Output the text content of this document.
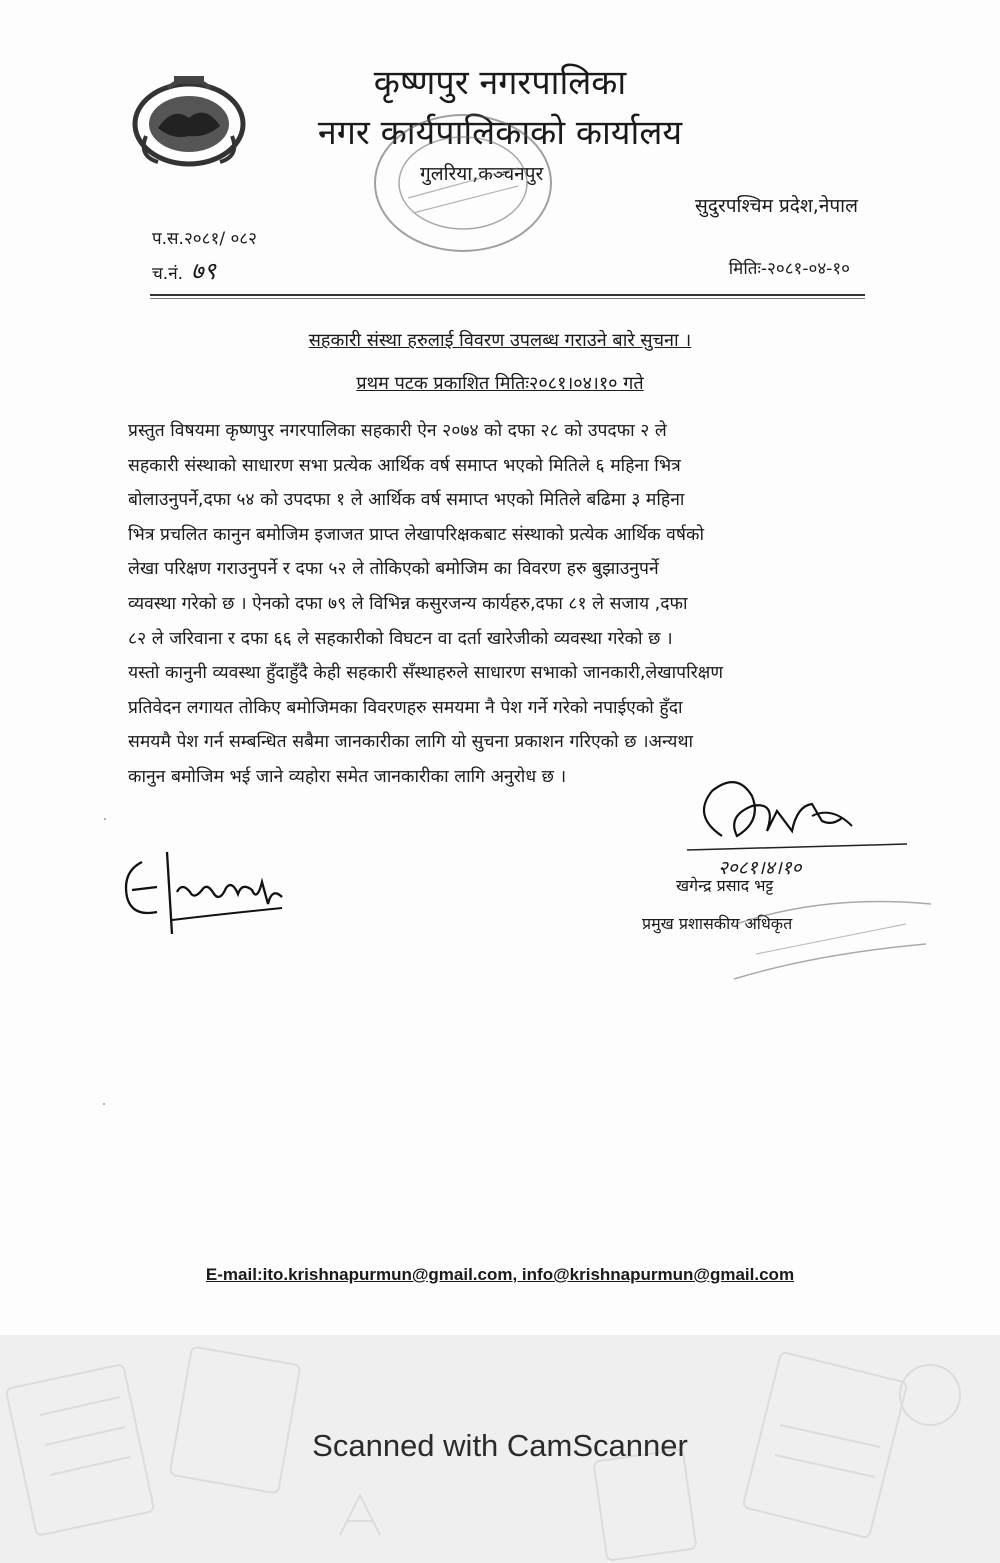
कृष्णपुर नगरपालिका
नगर कार्यपालिकाको कार्यालय
गुलरिया,कञ्चनपुर
सुदुरपश्चिम प्रदेश,नेपाल
प.स.२०८१/ ०८२
च.नं. ७९	मितिः-२०८१-०४-१०
सहकारी संस्था हरुलाई विवरण उपलब्ध गराउने बारे सुचना ।
प्रथम पटक प्रकाशित मितिः२०८१।०४।१० गते
प्रस्तुत विषयमा कृष्णपुर नगरपालिका सहकारी ऐन २०७४ को दफा २८ को उपदफा २ ले
सहकारी संस्थाको साधारण सभा प्रत्येक आर्थिक वर्ष समाप्त भएको मितिले ६ महिना भित्र
बोलाउनुपर्ने,दफा ५४ को उपदफा १ ले आर्थिक वर्ष समाप्त भएको मितिले बढिमा ३ महिना
भित्र प्रचलित कानुन बमोजिम इजाजत प्राप्त लेखापरिक्षकबाट संस्थाको प्रत्येक आर्थिक वर्षको
लेखा परिक्षण गराउनुपर्ने र दफा ५२ ले तोकिएको बमोजिम का विवरण हरु बुझाउनुपर्ने
व्यवस्था गरेको छ । ऐनको दफा ७९ ले विभिन्न कसुरजन्य कार्यहरु,दफा ८१ ले सजाय ,दफा
८२ ले जरिवाना र दफा ६६ ले सहकारीको विघटन वा दर्ता खारेजीको व्यवस्था गरेको छ ।
यस्तो कानुनी व्यवस्था हुँदाहुँदै केही सहकारी सँस्थाहरुले साधारण सभाको जानकारी,लेखापरिक्षण
प्रतिवेदन लगायत तोकिए बमोजिमका विवरणहरु समयमा नै पेश गर्ने गरेको नपाईएको हुँदा
समयमै पेश गर्न सम्बन्धित सबैमा जानकारीका लागि यो सुचना प्रकाशन गरिएको छ ।अन्यथा
कानुन बमोजिम भई जाने व्यहोरा समेत जानकारीका लागि अनुरोध छ ।
२०८१।४।१०
खगेन्द्र प्रसाद भट्ट
प्रमुख प्रशासकीय अधिकृत
E-mail:ito.krishnapurmun@gmail.com, info@krishnapurmun@gmail.com
Scanned with CamScanner
